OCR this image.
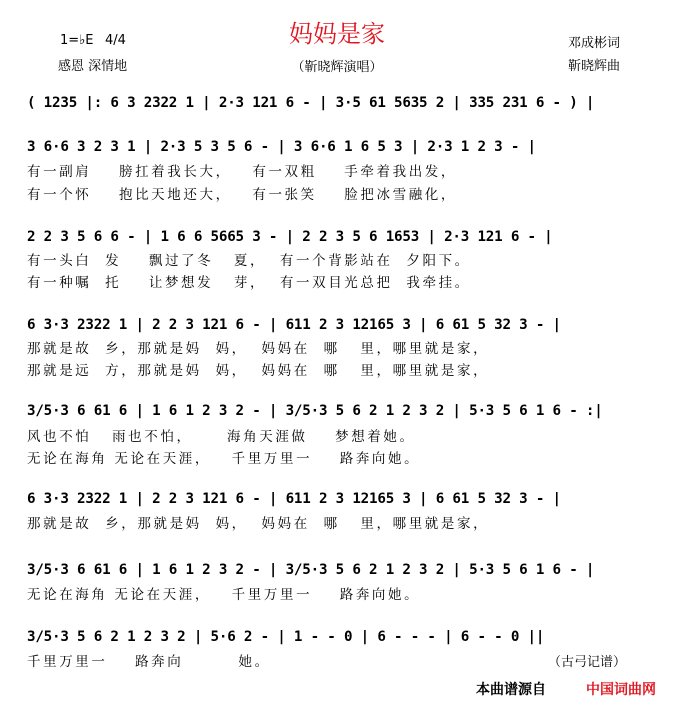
妈妈是家
1=♭E 4/4
感恩 深情地	（靳晓辉演唱）
邓成彬词
靳晓辉曲
( 1235 |: 6 3 2322 1 | 2·3 121 6 - | 3·5 61 5635 2 | 335 231 6 - ) |
3 6·6 3 2 3 1 | 2·3 5 3 5 6 - | 3 6·6 1 6 5 3 | 2·3 1 2 3 - |
有一副肩    膀扛着我长大，   有一双粗    手牵着我出发，
有一个怀    抱比天地还大，   有一张笑    脸把冰雪融化，
2 2 3 5 6 6 - | 1 6 6 5665 3 - | 2 2 3 5 6 1653 | 2·3 121 6 - |
有一头白  发    飘过了冬   夏，  有一个背影站在  夕阳下。
有一种嘱  托    让梦想发   芽，  有一双目光总把  我牵挂。
6 3·3 2322 1 | 2 2 3 121 6 - | 611 2 3 12165 3 | 6 61 5 32 3 - |
那就是故  乡，那就是妈  妈，  妈妈在  哪   里，哪里就是家，
那就是远  方，那就是妈  妈，  妈妈在  哪   里，哪里就是家，
3/5·3 6 61 6 | 1 6 1 2 3 2 - | 3/5·3 5 6 2 1 2 3 2 | 5·3 5 6 1 6 - :|
风也不怕   雨也不怕，     海角天涯做    梦想着她。
无论在海角 无论在天涯，   千里万里一    路奔向她。
6 3·3 2322 1 | 2 2 3 121 6 - | 611 2 3 12165 3 | 6 61 5 32 3 - |
那就是故  乡，那就是妈  妈，  妈妈在  哪   里，哪里就是家，
3/5·3 6 61 6 | 1 6 1 2 3 2 - | 3/5·3 5 6 2 1 2 3 2 | 5·3 5 6 1 6 - |
无论在海角 无论在天涯，   千里万里一    路奔向她。
3/5·3 5 6 2 1 2 3 2 | 5·6 2 - | 1 - - 0 | 6 - - - | 6 - - 0 ||
千里万里一    路奔向        她。	（古弓记谱）
本曲谱源自	中国词曲网
